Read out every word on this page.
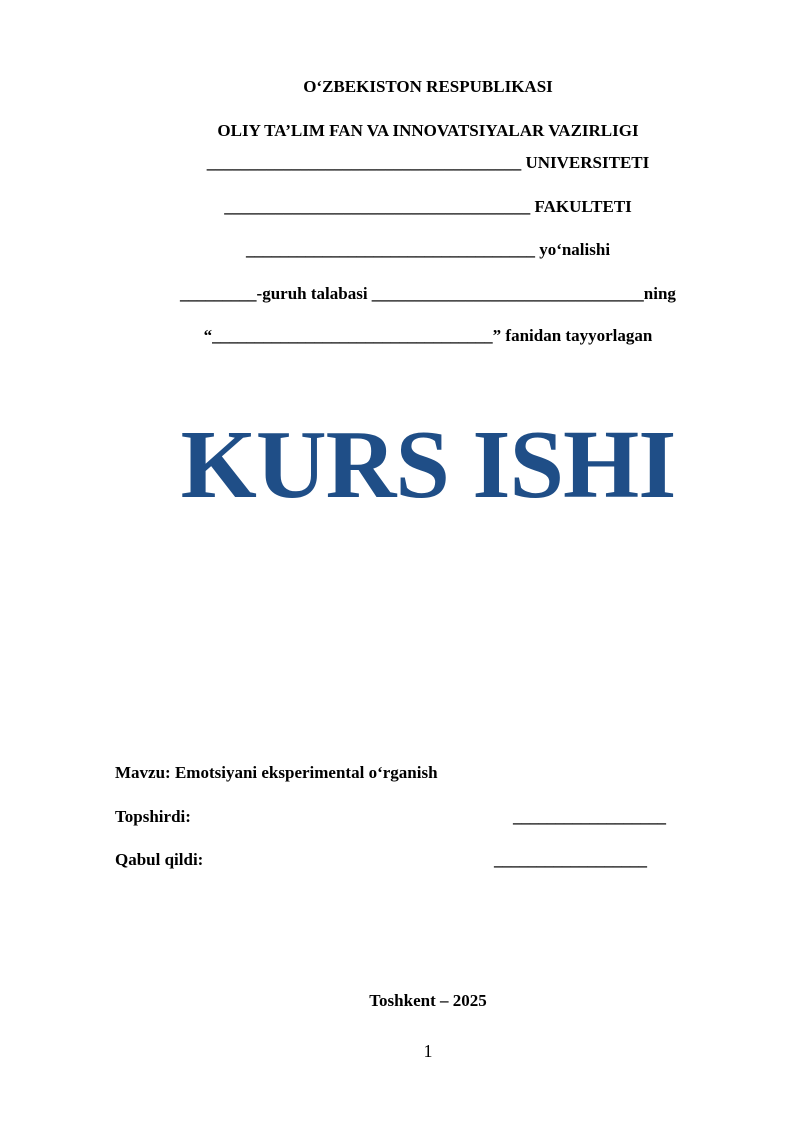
O‘ZBEKISTON RESPUBLIKASI
OLIY TA’LIM FAN VA INNOVATSIYALAR VAZIRLIGI
_____________________________________ UNIVERSITETI
____________________________________ FAKULTETI
__________________________________ yo‘nalishi
_________-guruh talabasi ________________________________ning
“_________________________________” fanidan tayyorlagan
KURS ISHI
Mavzu: Emotsiyani eksperimental o‘rganish
Topshirdi:	__________________
Qabul qildi:	__________________
Toshkent – 2025
1
